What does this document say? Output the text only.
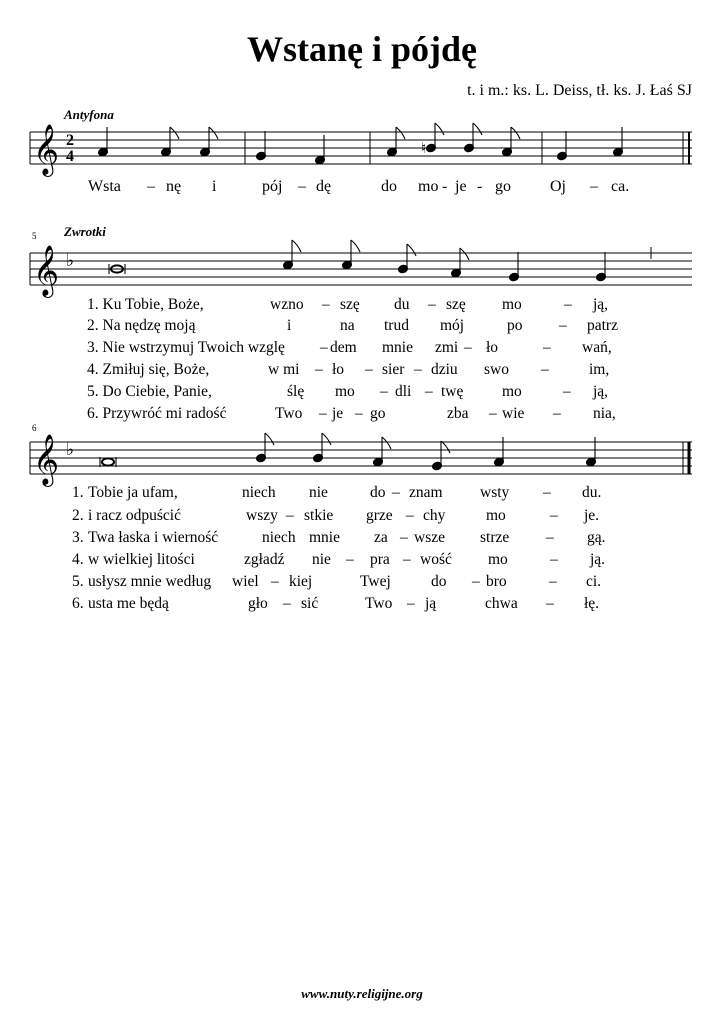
Wstanę i pójdę
t. i m.: ks. L. Deiss, tł. ks. J. Łaś SJ
Antyfona
𝄞 2
4	♮
Wsta – nę i	pój – dę	do mo - je - go Oj – ca.
5 Zwrotki
𝄞 ♭
1. Ku Tobie, Boże,	wzno – szę du – szę mo	– ją,
2. Na nędzę moją	i	na trud mój	po – patrz
3. Nie wstrzymuj Twoich wzglę – dem mnie zmi – ło	– wań,
4. Zmiłuj się, Boże,	w mi – ło – sier – dziu swo –	im,
5. Do Ciebie, Panie,	ślę mo – dli – twę mo	– ją,
6. Przywróć mi radość	Two – je – go	zba – wie – nia,
6
𝄞 ♭
1. Tobie ja ufam,	niech nie	do – znam wsty – du.
2. i racz odpuścić	wszy – stkie grze – chy	mo	– je.
3. Twa łaska i wierność	niech mnie za – wsze strze – gą.
4. w wielkiej litości	zgładź nie – pra – wość mo	– ją.
5. usłysz mnie według wiel – kiej	Twej	do – bro	– ci.
6. usta me będą	gło – sić	Two – ją	chwa – łę.
www.nuty.religijne.org
